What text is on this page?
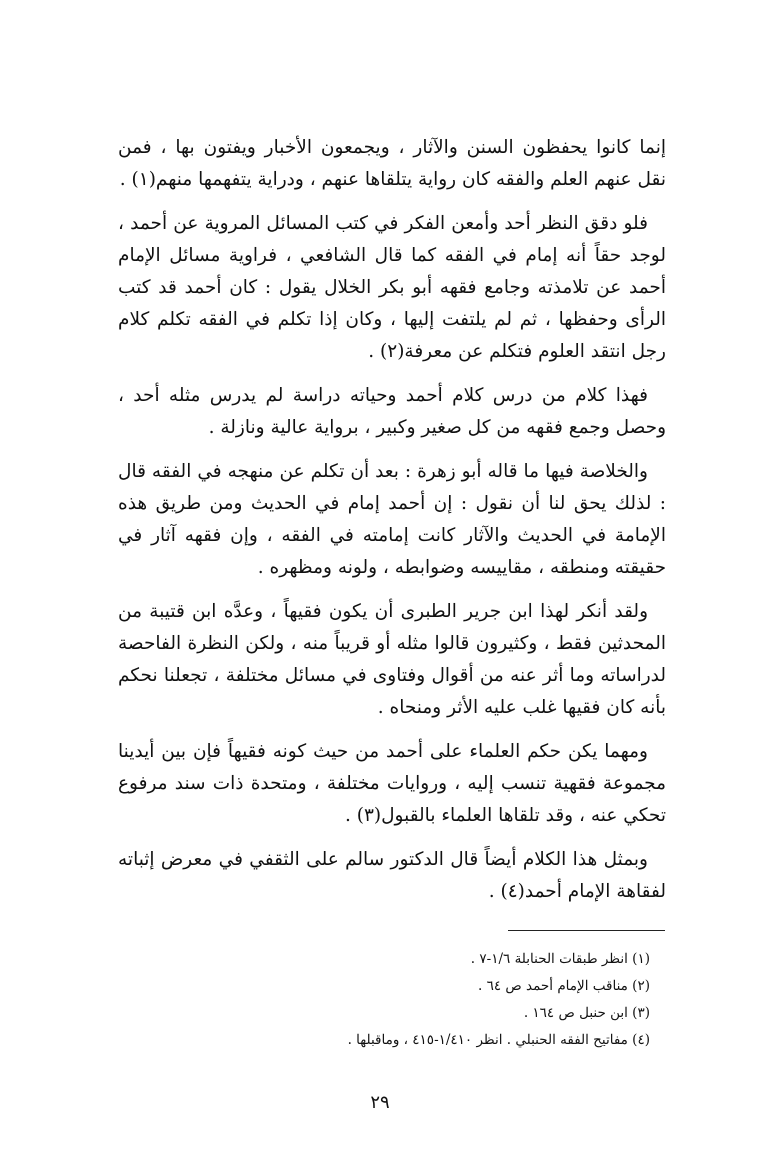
إنما كانوا يحفظون السنن والآثار ، ويجمعون الأخبار ويفتون بها ، فمن نقل عنهم العلم والفقه كان رواية يتلقاها عنهم ، ودراية يتفهمها منهم(١) .

فلو دقق النظر أحد وأمعن الفكر في كتب المسائل المروية عن أحمد ، لوجد حقاً أنه إمام في الفقه كما قال الشافعي ، فراوية مسائل الإمام أحمد عن تلامذته وجامع فقهه أبو بكر الخلال يقول : كان أحمد قد كتب الرأى وحفظها ، ثم لم يلتفت إليها ، وكان إذا تكلم في الفقه تكلم كلام رجل انتقد العلوم فتكلم عن معرفة(٢) .

فهذا كلام من درس كلام أحمد وحياته دراسة لم يدرس مثله أحد ، وحصل وجمع فقهه من كل صغير وكبير ، برواية عالية ونازلة .

والخلاصة فيها ما قاله أبو زهرة : بعد أن تكلم عن منهجه في الفقه قال : لذلك يحق لنا أن نقول : إن أحمد إمام في الحديث ومن طريق هذه الإمامة في الحديث والآثار كانت إمامته في الفقه ، وإن فقهه آثار في حقيقته ومنطقه ، مقاييسه وضوابطه ، ولونه ومظهره .

ولقد أنكر لهذا ابن جرير الطبرى أن يكون فقيهاً ، وعدَّه ابن قتيبة من المحدثين فقط ، وكثيرون قالوا مثله أو قريباً منه ، ولكن النظرة الفاحصة لدراساته وما أثر عنه من أقوال وفتاوى في مسائل مختلفة ، تجعلنا نحكم بأنه كان فقيها غلب عليه الأثر ومنحاه .

ومهما يكن حكم العلماء على أحمد من حيث كونه فقيهاً فإن بين أيدينا مجموعة فقهية تنسب إليه ، وروايات مختلفة ، ومتحدة ذات سند مرفوع تحكي عنه ، وقد تلقاها العلماء بالقبول(٣) .

وبمثل هذا الكلام أيضاً قال الدكتور سالم على الثقفي في معرض إثباته لفقاهة الإمام أحمد(٤) .

(١) انظر طبقات الحنابلة ١/٦-٧ .

(٢) مناقب الإمام أحمد ص ٦٤ .

(٣) ابن حنبل ص ١٦٤ .

(٤) مفاتيح الفقه الحنبلي . انظر ١/٤١٠-٤١٥ ، وماقبلها .

٢٩
